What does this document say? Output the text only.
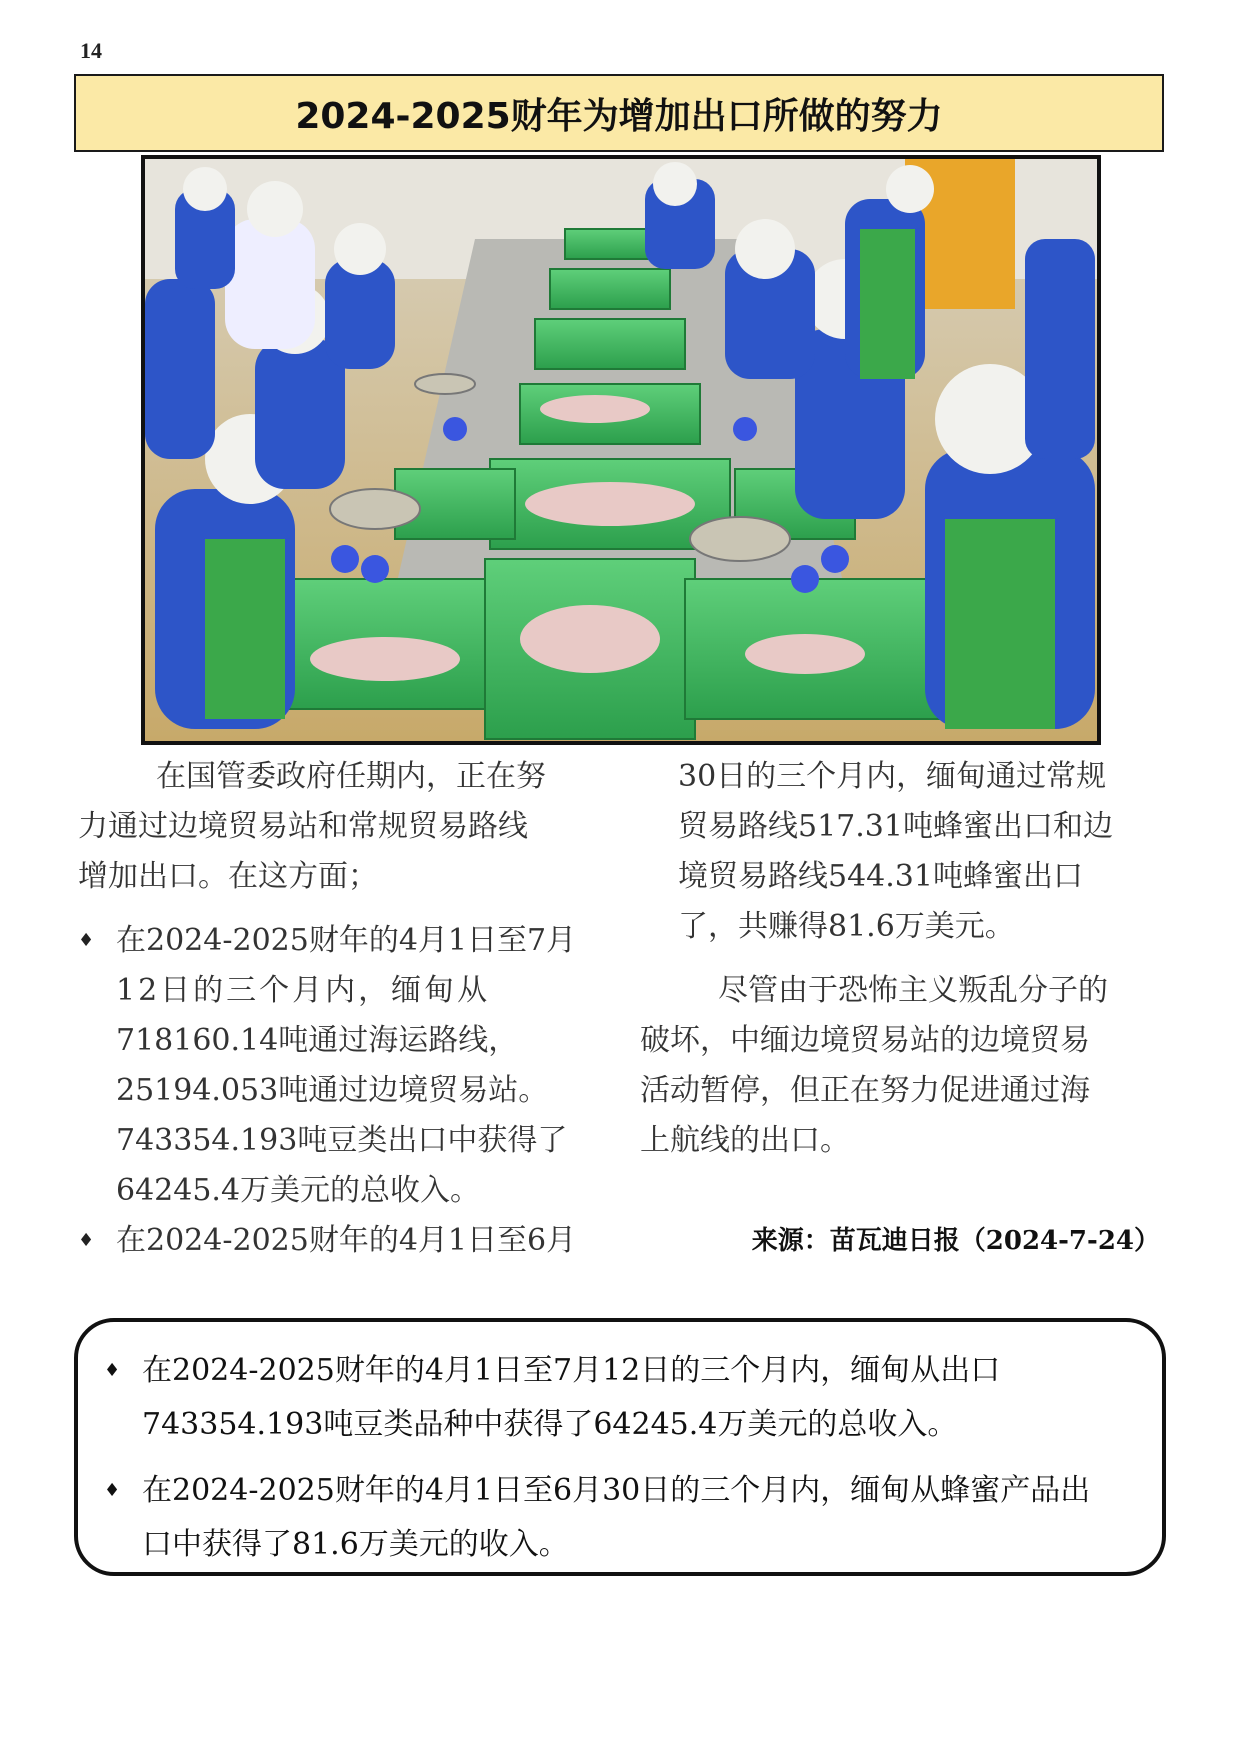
14
2024-2025财年为增加出口所做的努力

在国管委政府任期内，正在努

力通过边境贸易站和常规贸易路线

增加出口。在这方面；

♦ 在2024-2025财年的4月1日至7月

12日的三个月内，缅甸从

718160.14吨通过海运路线，

25194.053吨通过边境贸易站。

743354.193吨豆类出口中获得了

64245.4万美元的总收入。

♦ 在2024-2025财年的4月1日至6月

30日的三个月内，缅甸通过常规

贸易路线517.31吨蜂蜜出口和边

境贸易路线544.31吨蜂蜜出口

了，共赚得81.6万美元。

尽管由于恐怖主义叛乱分子的

破坏，中缅边境贸易站的边境贸易

活动暂停，但正在努力促进通过海

上航线的出口。

来源：苗瓦迪日报（2024-7-24）
♦ 在2024-2025财年的4月1日至7月12日的三个月内，缅甸从出口
743354.193吨豆类品种中获得了64245.4万美元的总收入。
♦ 在2024-2025财年的4月1日至6月30日的三个月内，缅甸从蜂蜜产品出
口中获得了81.6万美元的收入。
